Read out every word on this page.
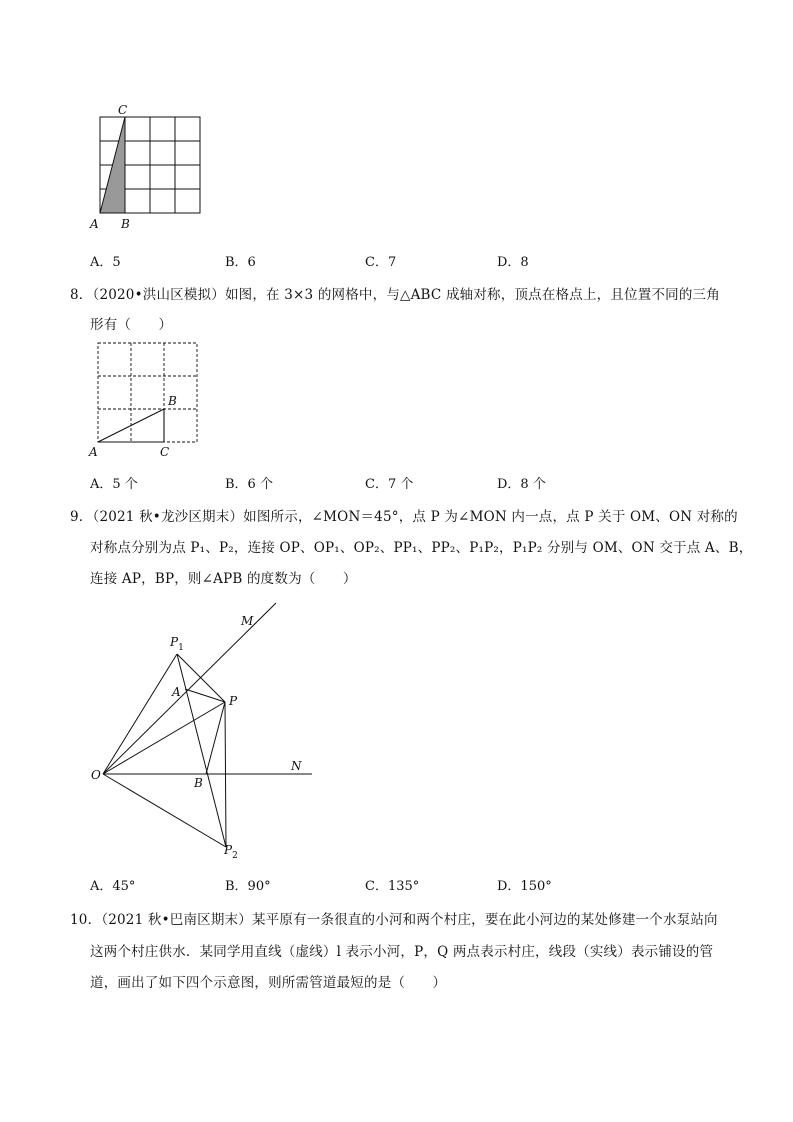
C
A B
A．5	B．6	C．7	D．8
8．（2020•洪山区模拟）如图，在 3×3 的网格中，与△ABC 成轴对称，顶点在格点上，且位置不同的三角
形有（　　）
B
A	C
A．5 个	B．6 个	C．7 个	D．8 个
9．（2021 秋•龙沙区期末）如图所示，∠MON＝45°，点 P 为∠MON 内一点，点 P 关于 OM、ON 对称的
对称点分别为点 P₁、P₂，连接 OP、OP₁、OP₂、PP₁、PP₂、P₁P₂，P₁P₂ 分别与 OM、ON 交于点 A、B，
连接 AP，BP，则∠APB 的度数为（　　）
M
N
O
P
A
B
$P_1$
$P_2$
A．45°	B．90°	C．135°	D．150°
10．（2021 秋•巴南区期末）某平原有一条很直的小河和两个村庄，要在此小河边的某处修建一个水泵站向
这两个村庄供水．某同学用直线（虚线）l 表示小河，P，Q 两点表示村庄，线段（实线）表示铺设的管
道，画出了如下四个示意图，则所需管道最短的是（　　）
